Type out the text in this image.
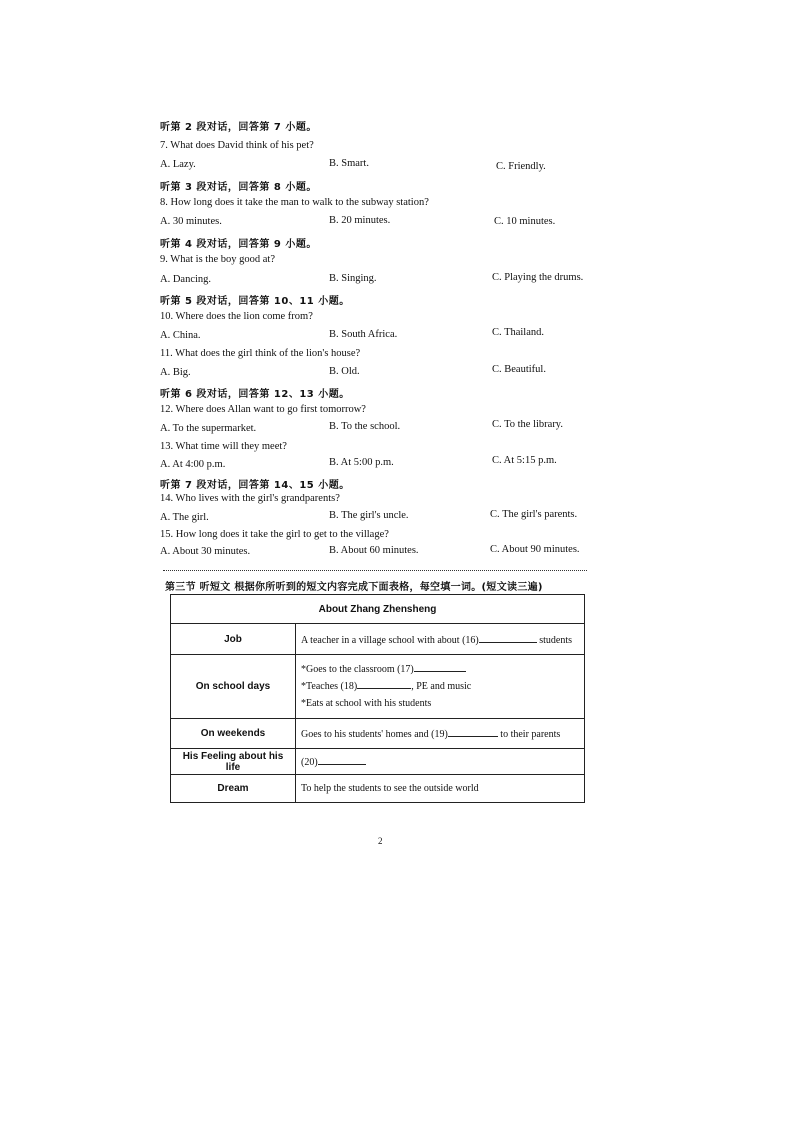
听第 2 段对话，回答第 7 小题。
7. What does David think of his pet?
A. Lazy.	B. Smart.	C. Friendly.
听第 3 段对话，回答第 8 小题。
8. How long does it take the man to walk to the subway station?
A. 30 minutes.	B. 20 minutes.	C. 10 minutes.
听第 4 段对话，回答第 9 小题。
9. What is the boy good at?
A. Dancing.	B. Singing.	C. Playing the drums.
听第 5 段对话，回答第 10、11 小题。
10. Where does the lion come from?
A. China.	B. South Africa.	C. Thailand.
11. What does the girl think of the lion's house?
A. Big.	B. Old.	C. Beautiful.
听第 6 段对话，回答第 12、13 小题。
12. Where does Allan want to go first tomorrow?
A. To the supermarket.	B. To the school.	C. To the library.
13. What time will they meet?
A. At 4:00 p.m.	B. At 5:00 p.m.	C. At 5:15 p.m.
听第 7 段对话，回答第 14、15 小题。
14. Who lives with the girl's grandparents?
A. The girl.	B. The girl's uncle.	C. The girl's parents.
15. How long does it take the girl to get to the village?
A. About 30 minutes.	B. About 60 minutes.	C. About 90 minutes.
第三节 听短文 根据你所听到的短文内容完成下面表格，每空填一词。(短文读三遍)
About Zhang Zhensheng	
Job	A teacher in a village school with about (16) students
On school days	*Goes to the classroom (17)
*Teaches (18) , PE and music
*Eats at school with his students

On weekends	Goes to his students' homes and (19) to their parents
His Feeling about his life	(20)
Dream	To help the students to see the outside world
2
